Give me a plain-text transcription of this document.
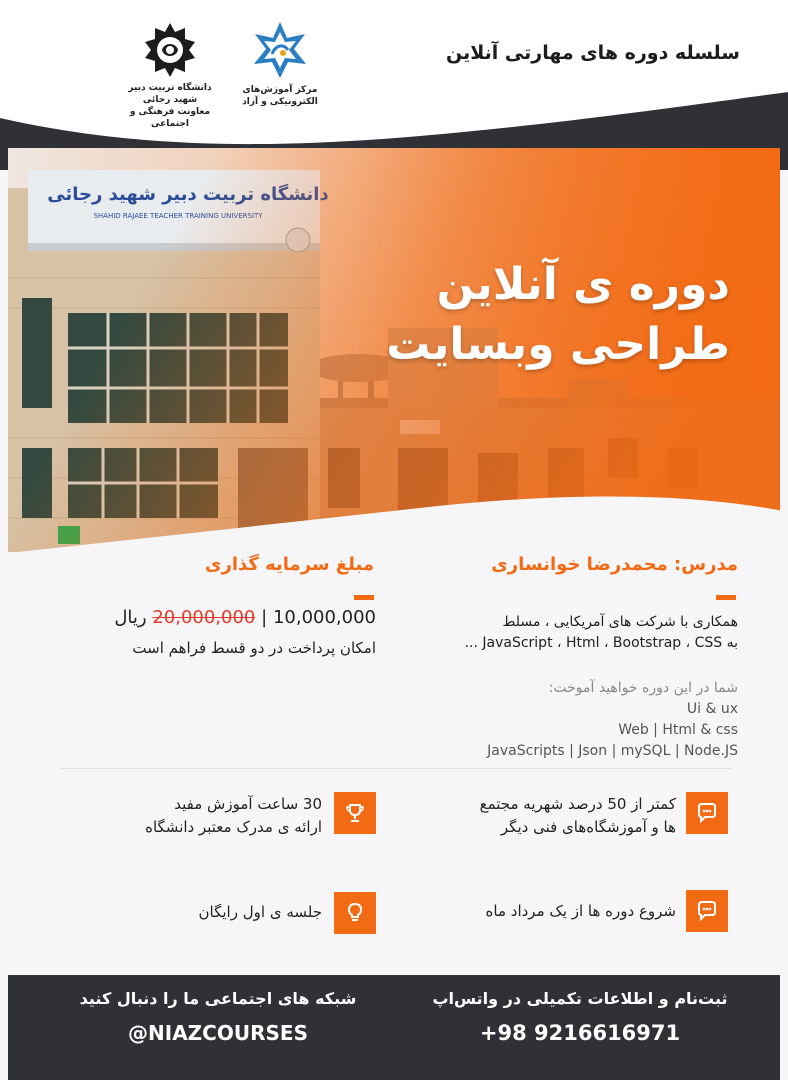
سلسله دوره های مهارتی آنلاین
مرکز آموزش‌های الکترونیکی و آزاد
دانشگاه تربیت دبیر شهید رجائی
معاونت فرهنگی و اجتماعی
دوره ی آنلاین
طراحی وبسایت
مدرس: محمدرضا خوانساری
همکاری با شرکت های آمریکایی ، مسلط
به JavaScript ، Html ، Bootstrap ، CSS ...
شما در این دوره خواهید آموخت:
Ui & ux
Web | Html & css
JavaScripts | Json | mySQL | Node.JS
مبلغ سرمایه گذاری
10,000,000 | 20,000,000 ریال
امکان پرداخت در دو قسط فراهم است
کمتر از 50 درصد شهریه مجتمع
ها و آموزشگاه‌های فنی دیگر
30 ساعت آموزش مفید
ارائه ی مدرک معتبر دانشگاه
شروع دوره ها از یک مرداد ماه
جلسه ی اول رایگان
ثبت‌نام و اطلاعات تکمیلی در واتس‌اپ
+98 9216616971
شبکه های اجتماعی ما را دنبال کنید
@NIAZCOURSES
